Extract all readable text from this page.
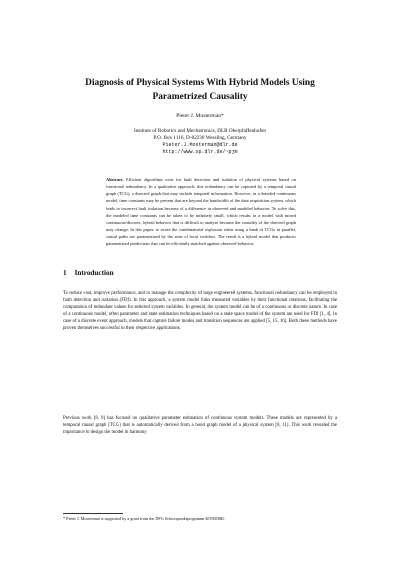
Diagnosis of Physical Systems With Hybrid Models Using Parametrized Causality
Pieter J. Mosterman*
Institute of Robotics and Mechatronics, DLR Oberpfaffenhofen
P.O. Box 1116, D-82230 Wessling, Germany
Pieter.J.Mosterman@dlr.de
http://www.op.dlr.de/~pjm

Abstract. Efficient algorithms exist for fault detection and isolation of physical systems based on functional redundancy. In a qualitative approach, this redundancy can be captured by a temporal causal graph (TCG), a directed graph that may include temporal information. However, in a detailed continuous model, time constants may be present that are beyond the bandwidth of the data acquisition system, which leads to incorrect fault isolation because of a difference in observed and modeled behavior. To solve this, the modeled time constants can be taken to be infinitely small, which results in a model with mixed continuous/discrete, hybrid behavior that is difficult to analyze because the causality of the directed graph may change. In this paper, to avoid the combinatorial explosion when using a bank of TCGs in parallel, causal paths are parametrized by the state of local switches. The result is a hybrid model that produces parametrized predictions that can be efficiently matched against observed behavior.

1 Introduction

To reduce cost, improve performance, and to manage the complexity of large engineered systems, functional redundancy can be employed in fault detection and isolation (FDI). In this approach, a system model links measured variables by their functional relations, facilitating the computation of redundant values for selected system variables. In general, the system model can be of a continuous or discrete nature. In case of a continuous model, often parameter and state estimation techniques based on a state space model of the system are used for FDI [1, 4]. In case of a discrete event approach, models that capture failure modes and transition sequences are applied [5, 15, 16]. Both these methods have proven themselves successful in their respective applications.

Previous work [8, 9] has focused on qualitative parameter estimation of continuous system models. These models are represented by a temporal causal graph (TCG) that is automatically derived from a bond graph model of a physical system [8, 11]. This work revealed the importance to design the model in harmony

* Pieter J. Mosterman is supported by a grant from the DFG Schwerpunktprogramm KONDISK.
